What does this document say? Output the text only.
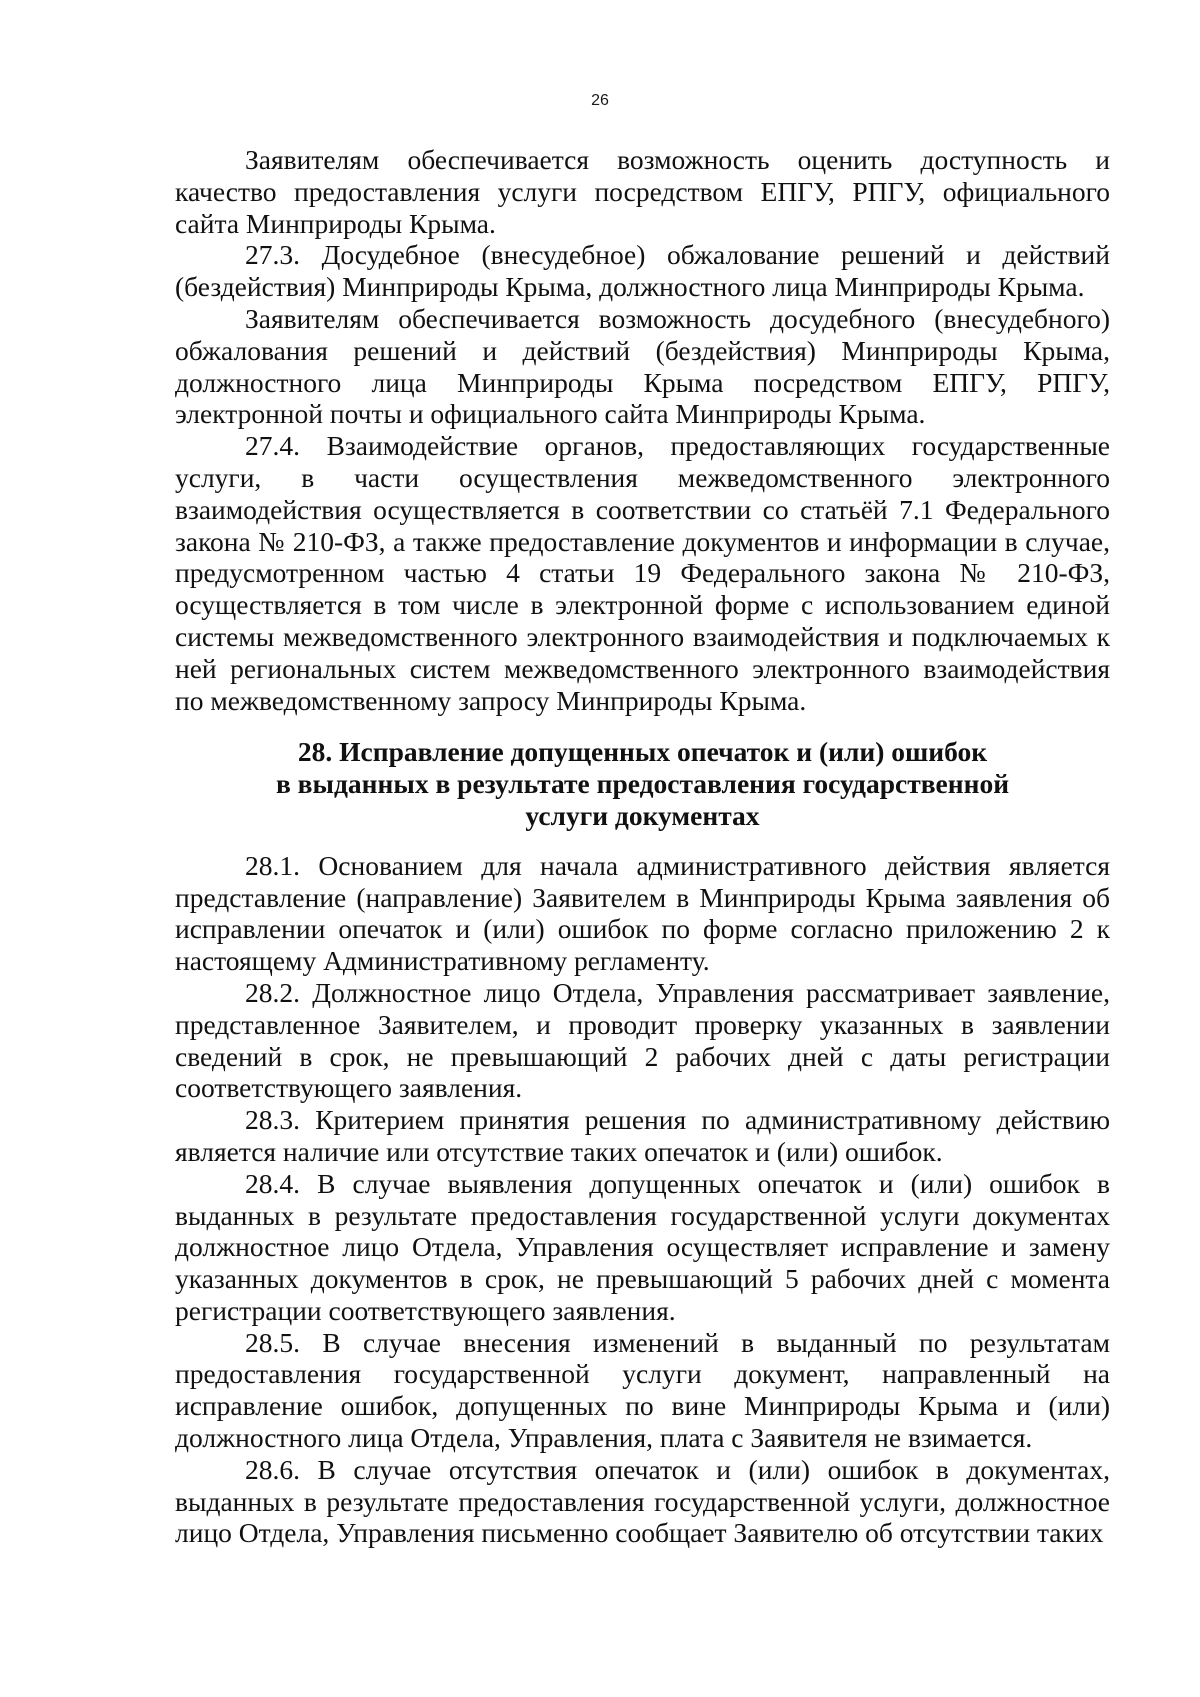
26

Заявителям обеспечивается возможность оценить доступность и качество предоставления услуги посредством ЕПГУ, РПГУ, официального сайта Минприроды Крыма.

27.3. Досудебное (внесудебное) обжалование решений и действий (бездействия) Минприроды Крыма, должностного лица Минприроды Крыма.

Заявителям обеспечивается возможность досудебного (внесудебного) обжалования решений и действий (бездействия) Минприроды Крыма, должностного лица Минприроды Крыма посредством ЕПГУ, РПГУ, электронной почты и официального сайта Минприроды Крыма.

27.4. Взаимодействие органов, предоставляющих государственные услуги, в части осуществления межведомственного электронного взаимодействия осуществляется в соответствии со статьёй 7.1 Федерального закона № 210-ФЗ, а также предоставление документов и информации в случае, предусмотренном частью 4 статьи 19 Федерального закона № 210-ФЗ, осуществляется в том числе в электронной форме с использованием единой системы межведомственного электронного взаимодействия и подключаемых к ней региональных систем межведомственного электронного взаимодействия по межведомственному запросу Минприроды Крыма.

28. Исправление допущенных опечаток и (или) ошибок
в выданных в результате предоставления государственной
услуги документах

28.1. Основанием для начала административного действия является представление (направление) Заявителем в Минприроды Крыма заявления об исправлении опечаток и (или) ошибок по форме согласно приложению 2 к настоящему Административному регламенту.

28.2. Должностное лицо Отдела, Управления рассматривает заявление, представленное Заявителем, и проводит проверку указанных в заявлении сведений в срок, не превышающий 2 рабочих дней с даты регистрации соответствующего заявления.

28.3. Критерием принятия решения по административному действию является наличие или отсутствие таких опечаток и (или) ошибок.

28.4. В случае выявления допущенных опечаток и (или) ошибок в выданных в результате предоставления государственной услуги документах должностное лицо Отдела, Управления осуществляет исправление и замену указанных документов в срок, не превышающий 5 рабочих дней с момента регистрации соответствующего заявления.

28.5. В случае внесения изменений в выданный по результатам предоставления государственной услуги документ, направленный на исправление ошибок, допущенных по вине Минприроды Крыма и (или) должностного лица Отдела, Управления, плата с Заявителя не взимается.

28.6. В случае отсутствия опечаток и (или) ошибок в документах, выданных в результате предоставления государственной услуги, должностное лицо Отдела, Управления письменно сообщает Заявителю об отсутствии таких
